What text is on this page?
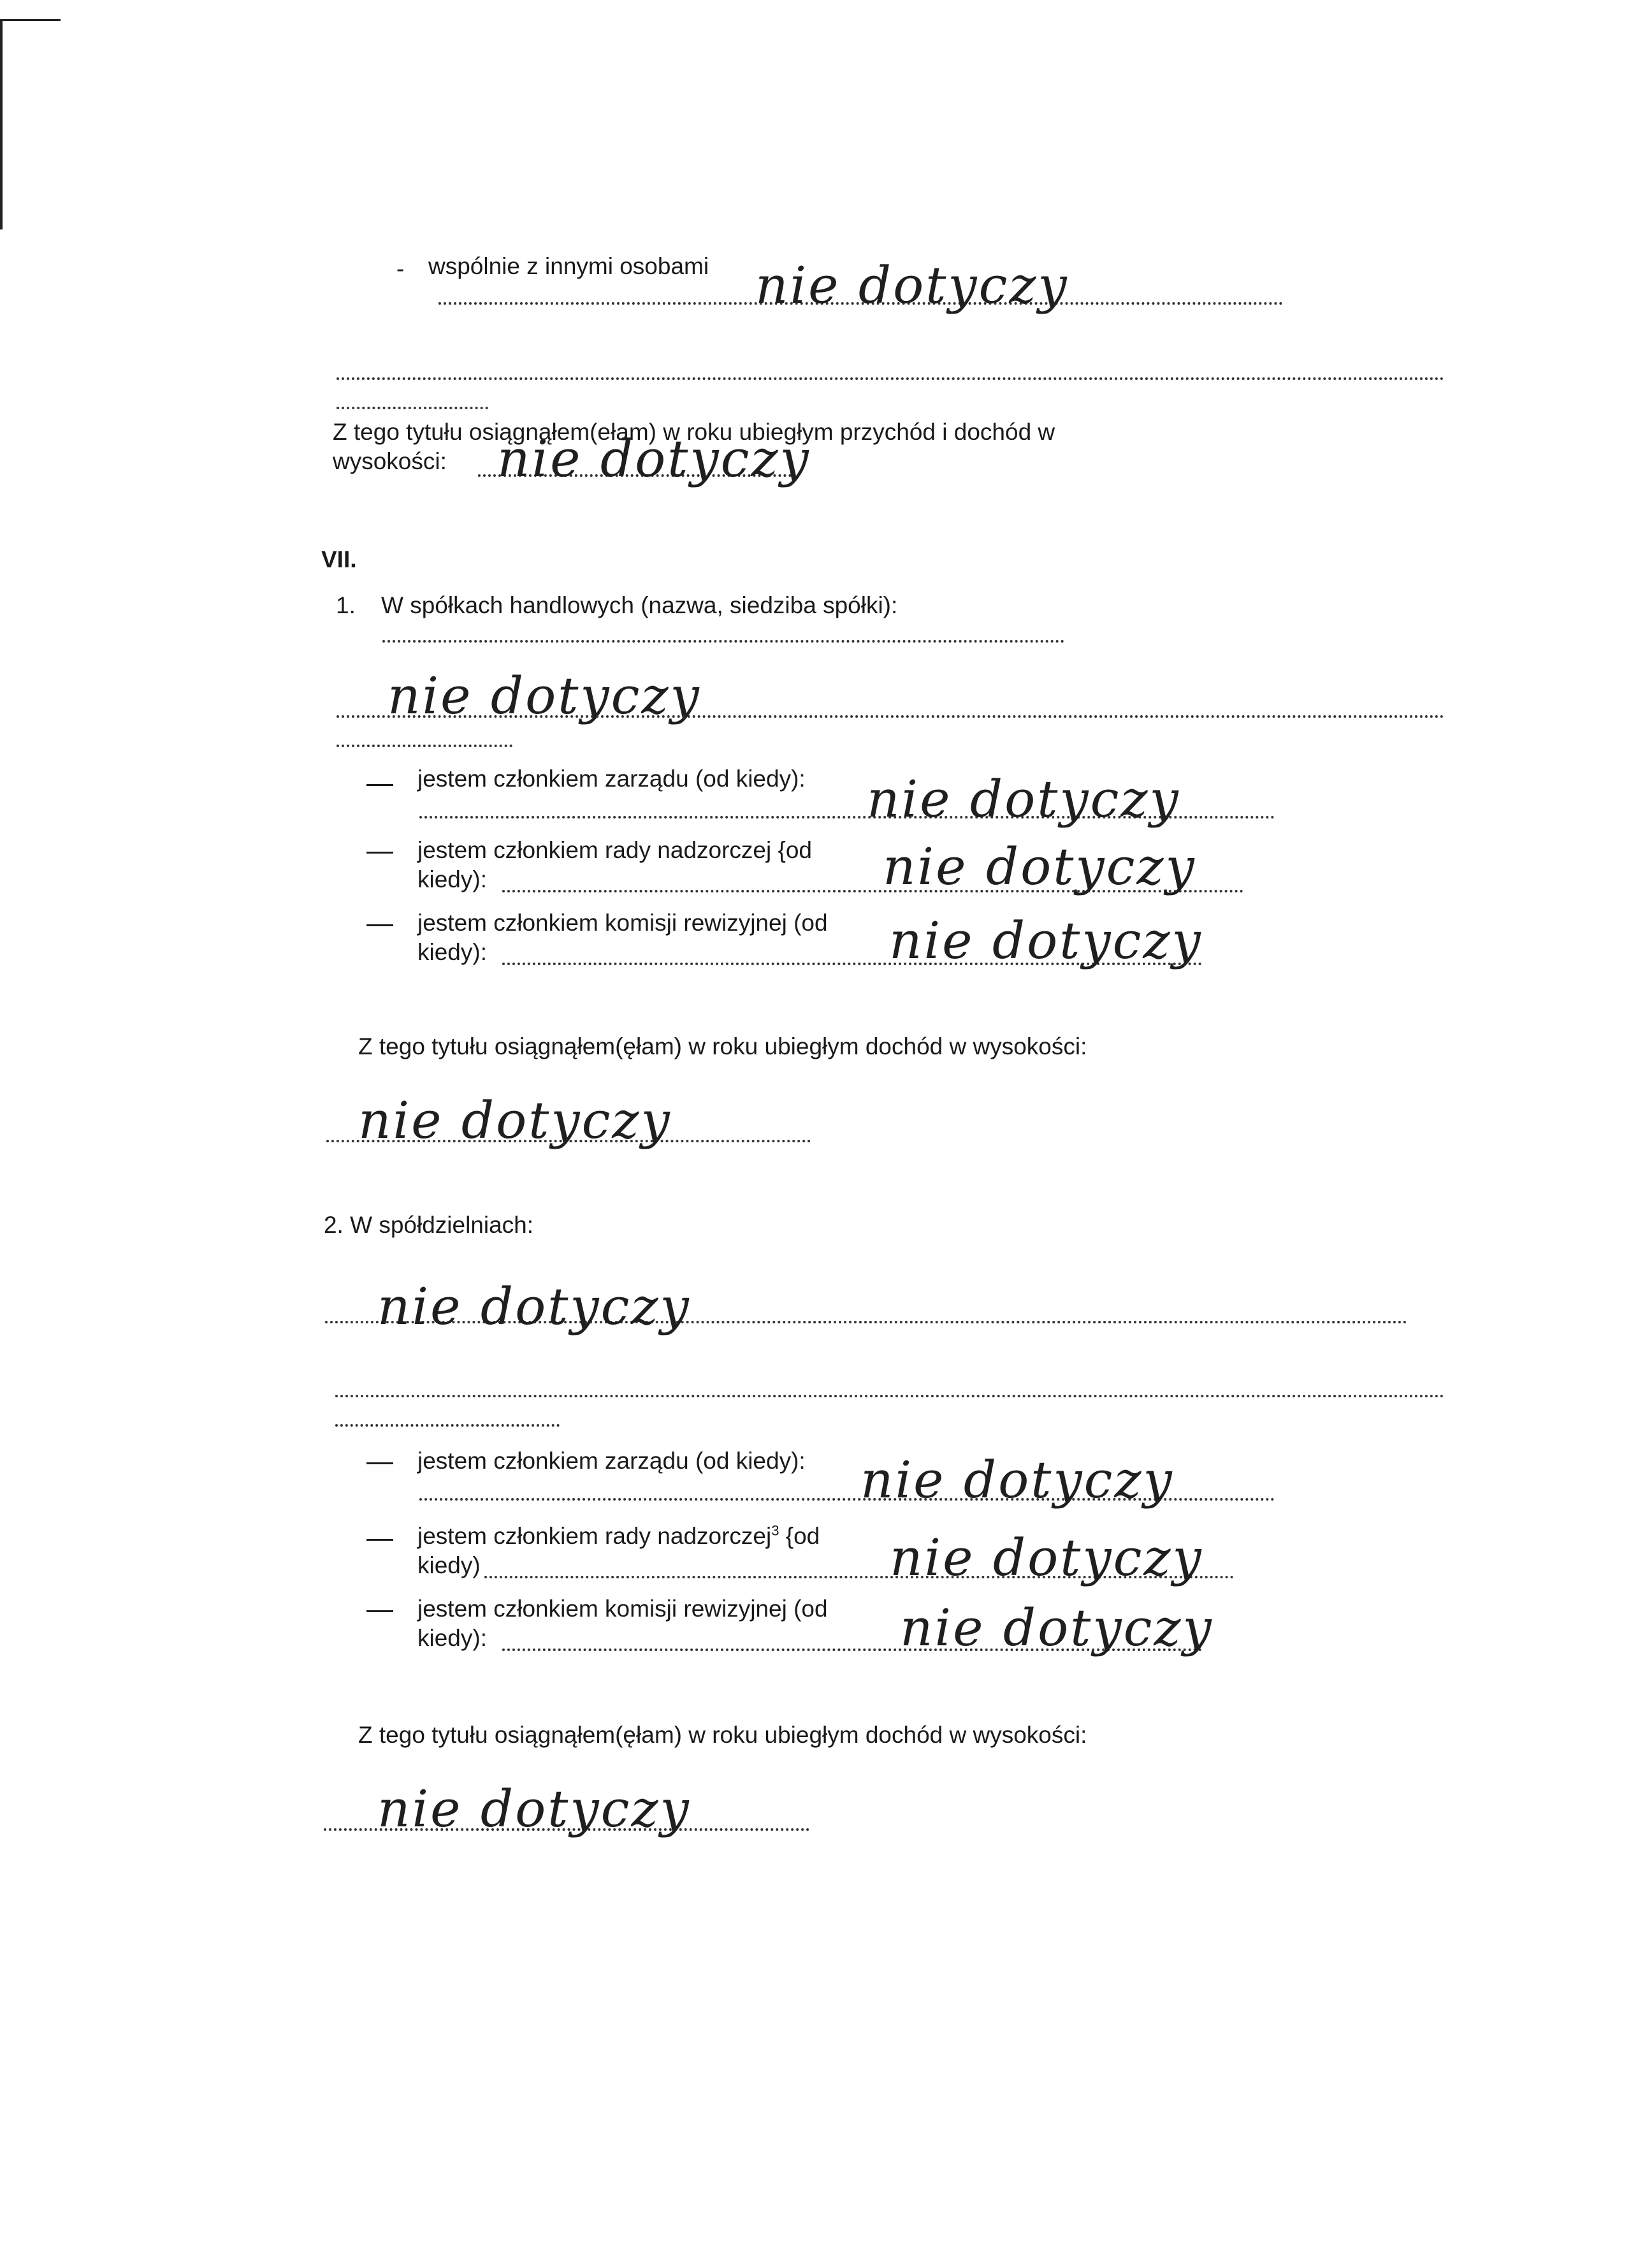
- wspólnie z innymi osobami nie dotyczy
Z tego tytułu osiągnąłem(ełam) w roku ubiegłym przychód i dochód w
wysokości: nie dotyczy
VII.
1. W spółkach handlowych (nazwa, siedziba spółki):
nie dotyczy
jestem członkiem zarządu (od kiedy): nie dotyczy
jestem członkiem rady nadzorczej {od
kiedy):	nie dotyczy
jestem członkiem komisji rewizyjnej (od
kiedy):	nie dotyczy
Z tego tytułu osiągnąłem(ęłam) w roku ubiegłym dochód w wysokości:
nie dotyczy
2. W spółdzielniach:
nie dotyczy
jestem członkiem zarządu (od kiedy): nie dotyczy
jestem członkiem rady nadzorczej$^3$ {od
kiedy)	nie dotyczy
jestem członkiem komisji rewizyjnej (od
kiedy):	nie dotyczy
Z tego tytułu osiągnąłem(ęłam) w roku ubiegłym dochód w wysokości:
nie dotyczy
